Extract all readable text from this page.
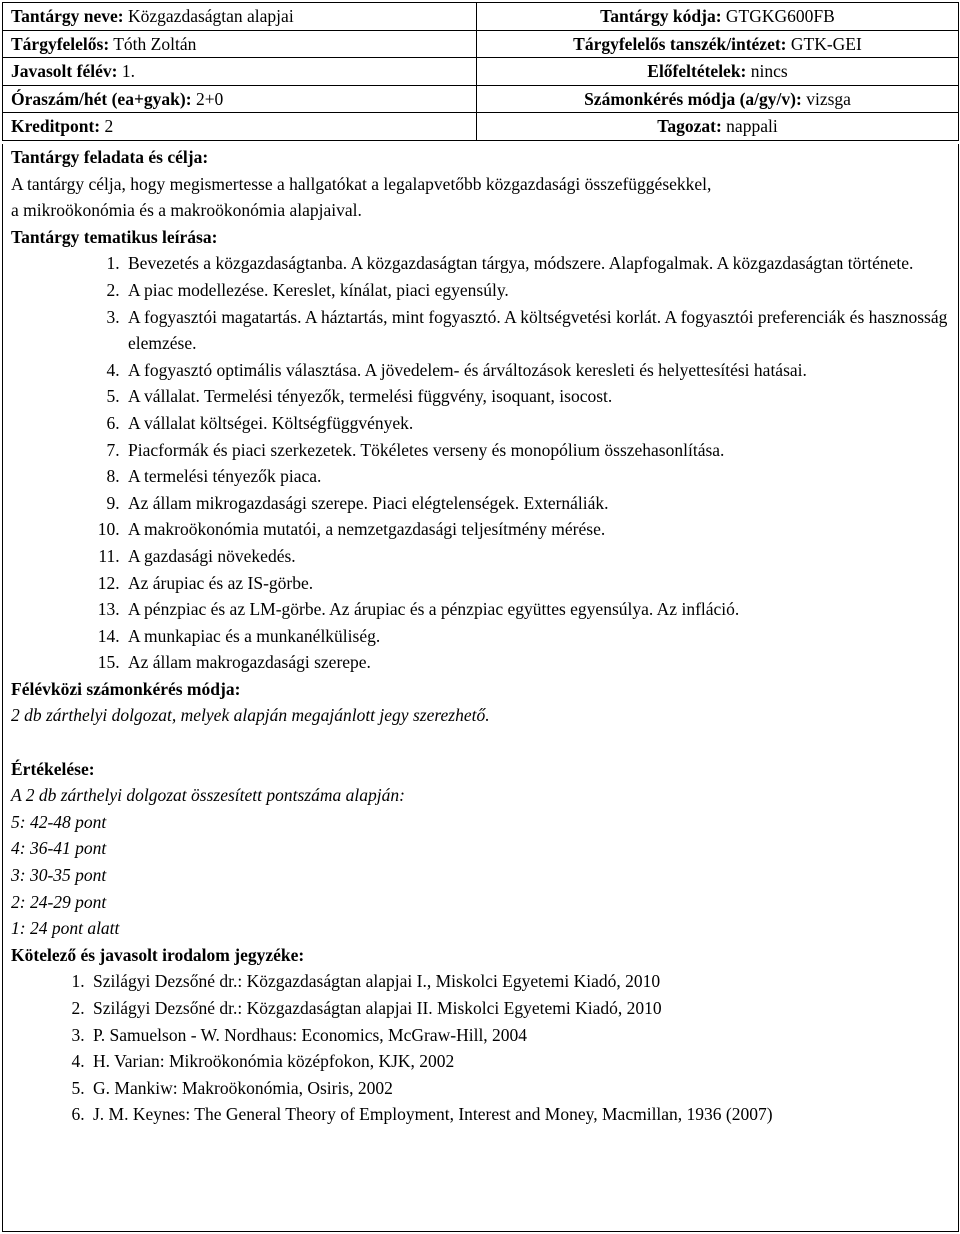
Tantárgy neve: Közgazdaságtan alapjai	Tantárgy kódja: GTGKG600FB
Tárgyfelelős: Tóth Zoltán	Tárgyfelelős tanszék/intézet: GTK-GEI
Javasolt félév: 1.	Előfeltételek: nincs
Óraszám/hét (ea+gyak): 2+0	Számonkérés módja (a/gy/v): vizsga
Kreditpont: 2	Tagozat: nappali

Tantárgy feladata és célja:

A tantárgy célja, hogy megismertesse a hallgatókat a legalapvetőbb közgazdasági összefüggésekkel,

a mikroökonómia és a makroökonómia alapjaival.

Tantárgy tematikus leírása:

1. Bevezetés a közgazdaságtanba. A közgazdaságtan tárgya, módszere. Alapfogalmak. A közgazdaságtan története.
2. A piac modellezése. Kereslet, kínálat, piaci egyensúly.
3. A fogyasztói magatartás. A háztartás, mint fogyasztó. A költségvetési korlát. A fogyasztói preferenciák és hasznosság elemzése.
4. A fogyasztó optimális választása. A jövedelem- és árváltozások keresleti és helyettesítési hatásai.
5. A vállalat. Termelési tényezők, termelési függvény, isoquant, isocost.
6. A vállalat költségei. Költségfüggvények.
7. Piacformák és piaci szerkezetek. Tökéletes verseny és monopólium összehasonlítása.
8. A termelési tényezők piaca.
9. Az állam mikrogazdasági szerepe. Piaci elégtelenségek. Externáliák.
10. A makroökonómia mutatói, a nemzetgazdasági teljesítmény mérése.
11. A gazdasági növekedés.
12. Az árupiac és az IS-görbe.
13. A pénzpiac és az LM-görbe. Az árupiac és a pénzpiac együttes egyensúlya. Az infláció.
14. A munkapiac és a munkanélküliség.
15. Az állam makrogazdasági szerepe.

Félévközi számonkérés módja:

2 db zárthelyi dolgozat, melyek alapján megajánlott jegy szerezhető.

Értékelése:

A 2 db zárthelyi dolgozat összesített pontszáma alapján:

5: 42-48 pont

4: 36-41 pont

3: 30-35 pont

2: 24-29 pont

1: 24 pont alatt

Kötelező és javasolt irodalom jegyzéke:

1. Szilágyi Dezsőné dr.: Közgazdaságtan alapjai I., Miskolci Egyetemi Kiadó, 2010
2. Szilágyi Dezsőné dr.: Közgazdaságtan alapjai II. Miskolci Egyetemi Kiadó, 2010
3. P. Samuelson - W. Nordhaus: Economics, McGraw-Hill, 2004
4. H. Varian: Mikroökonómia középfokon, KJK, 2002
5. G. Mankiw: Makroökonómia, Osiris, 2002
6. J. M. Keynes: The General Theory of Employment, Interest and Money, Macmillan, 1936 (2007)
